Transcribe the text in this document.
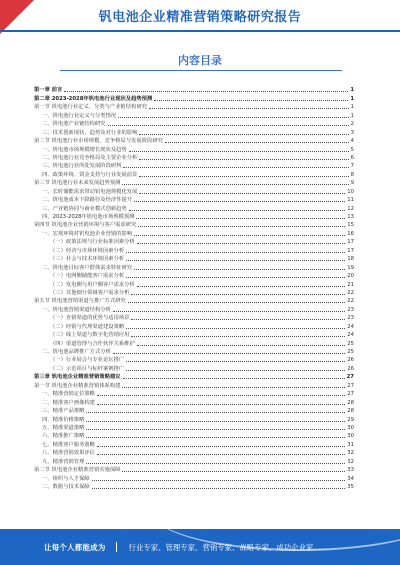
钒电池企业精准营销策略研究报告
内容目录
第一章 前言	1
第二章 2023-2028年钒电池行业现状及趋势预测	1
第一节 钒电池行业定义、分类与产业链结构研究	1
一、钒电池行业定义与分类情况	1
二、钒电池产业链结构研究	2
三、技术创新现状、趋势及对行业的影响	3
第二节 钒电池行业市场规模、竞争格局与发展阶段研究	4
一、钒电池市场规模增长现状及趋势	5
二、钒电池行业竞争格局及主要企业分析	6
三、钒电池行业所处发展阶段研判	7
四、政策环境、资金支持与行业发展前景	8
第三节 钒电池行业未来发展趋势预测	9
一、长时储能需求带动钒电池规模化发展	10
二、钒电池成本下降路径及经济性提升	11
三、产业链协同与商业模式创新趋势	12
四、2023-2028年钒电池市场规模预测	13
第四节 钒电池企业营销环境与客户需求研究	15
一、宏观环境对钒电池企业营销的影响	16
（一）政策法规与行业标准因素分析	17
（二）经济与市场环境因素分析	17
（三）社会与技术环境因素分析	18
二、钒电池目标客户群体需求特征研究	19
（一）电网侧储能客户需求分析	20
（二）发电侧与用户侧客户需求分析	21
（三）其他细分领域客户需求分析	22
第五节 钒电池营销渠道与推广方式研究	22
一、钒电池营销渠道结构分析	23
（一）直销渠道的优势与适用场景	23
（二）经销与代理渠道建设策略	24
（三）线上渠道与数字化营销应用	24
（四）渠道管理与合作伙伴关系维护	25
二、钒电池品牌推广方式分析	25
（一）行业展会与专业论坛推广	26
（二）示范项目与标杆案例推广	26
第三章 钒电池企业精准营销策略建议	27
第一节 钒电池企业精准营销体系构建	27
一、精准营销定位策略	27
二、精准客户画像构建	28
三、精准产品策略	28
四、精准价格策略	29
五、精准渠道策略	30
六、精准推广策略	30
七、精准客户服务策略	31
八、精准营销效果评估	32
九、精准营销管理	32
第二节 钒电池企业精准营销实施保障	33
一、组织与人才保障	34
二、数据与技术保障	35
让每个人都能成为	行业专家、管理专家、营销专家、战略专家、成功企业家……
